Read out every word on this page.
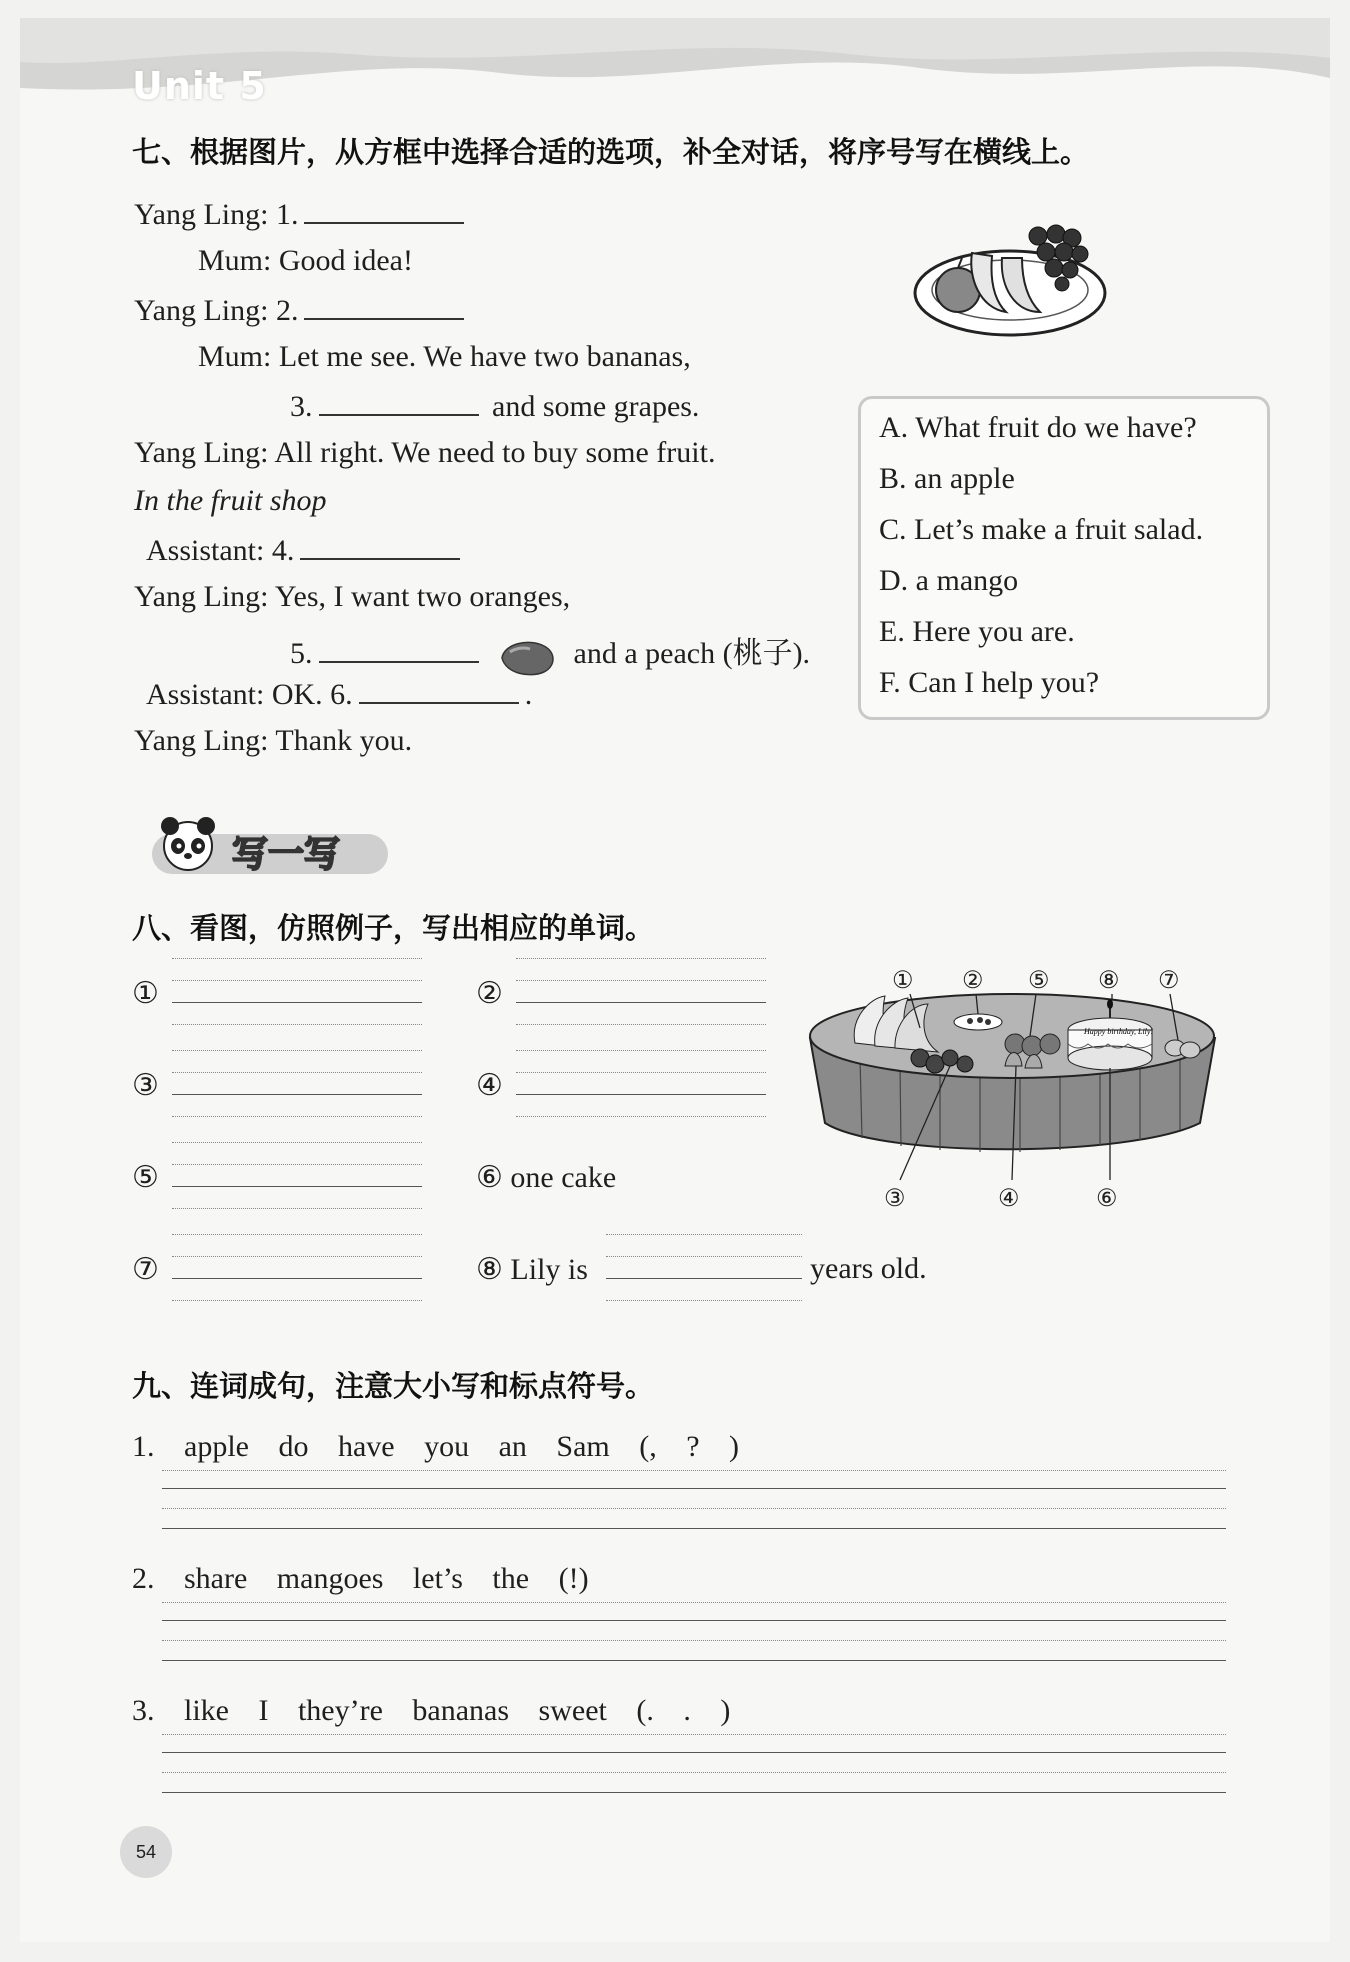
Unit 5
七、根据图片，从方框中选择合适的选项，补全对话，将序号写在横线上。
Yang Ling: 1.
Mum: Good idea!
Yang Ling: 2.
Mum: Let me see. We have two bananas,
3.	and some grapes.
Yang Ling: All right. We need to buy some fruit.
In the fruit shop
Assistant: 4.
Yang Ling: Yes, I want two oranges,
5.	and a peach (桃子).
Assistant: OK. 6.	.
Yang Ling: Thank you.
A. What fruit do we have?
B. an apple
C. Let’s make a fruit salad.
D. a mango
E. Here you are.
F. Can I help you?
写一写
八、看图，仿照例子，写出相应的单词。
①	②
③	④
⑤	⑥ one cake
⑦	⑧ Lily is	years old.
Happy birthday, Lily!
① ② ⑤ ⑧ ⑦
③	④	⑥
九、连词成句，注意大小写和标点符号。
1. apple do have you an Sam (, ? )
2. share mangoes let’s the (!)
3. like I they’re bananas sweet (. . )
54
